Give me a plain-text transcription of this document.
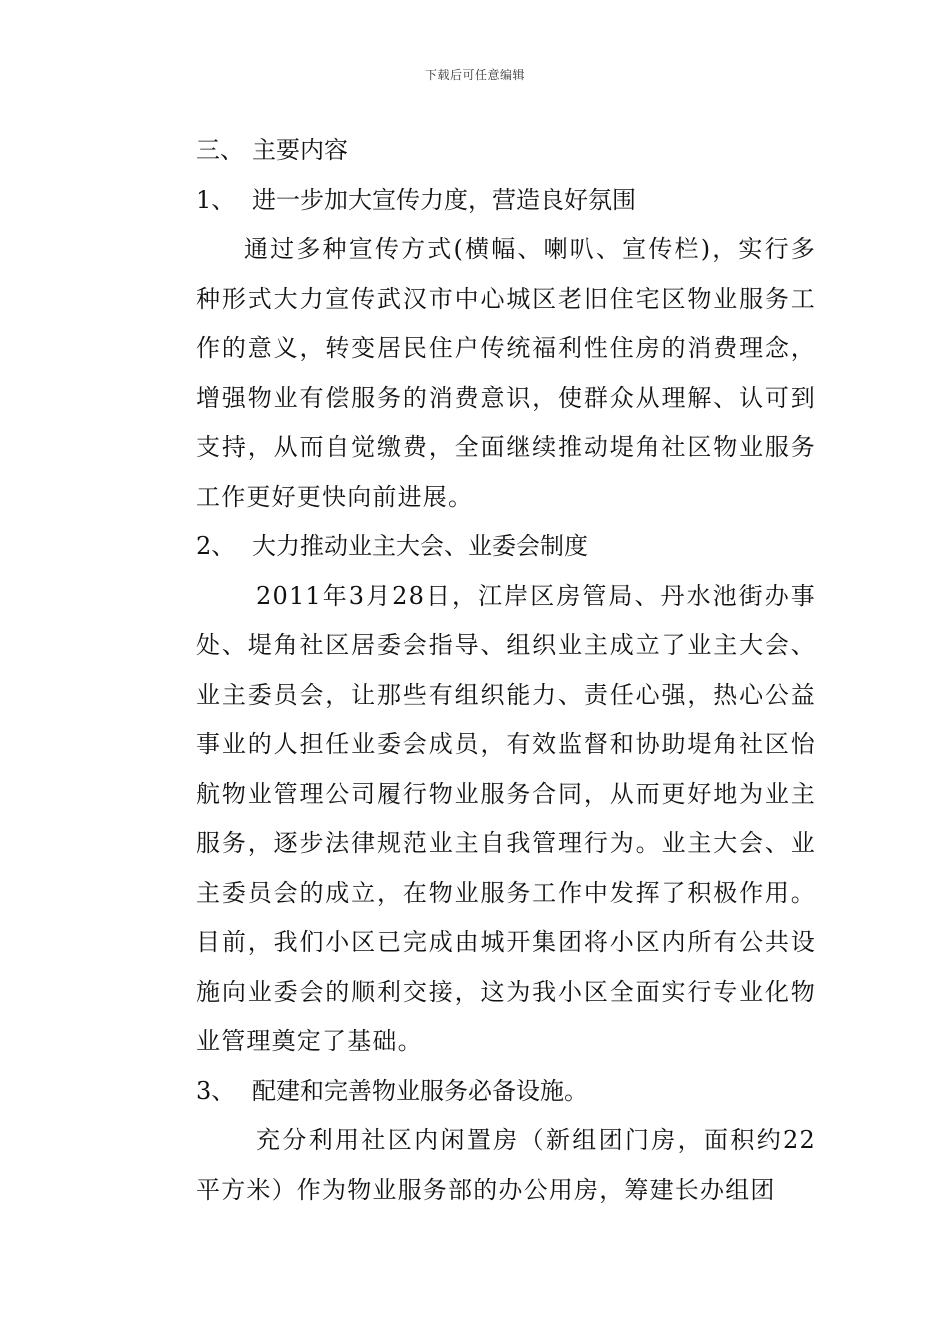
下载后可任意编辑

三、 主要内容

1、 进一步加大宣传力度，营造良好氛围

通过多种宣传方式(横幅、喇叭、宣传栏)，实行多种形式大力宣传武汉市中心城区老旧住宅区物业服务工作的意义，转变居民住户传统福利性住房的消费理念，增强物业有偿服务的消费意识，使群众从理解、认可到支持，从而自觉缴费，全面继续推动堤角社区物业服务工作更好更快向前进展。

2、 大力推动业主大会、业委会制度

2011年3月28日，江岸区房管局、丹水池街办事处、堤角社区居委会指导、组织业主成立了业主大会、业主委员会，让那些有组织能力、责任心强，热心公益事业的人担任业委会成员，有效监督和协助堤角社区怡航物业管理公司履行物业服务合同，从而更好地为业主服务，逐步法律规范业主自我管理行为。业主大会、业主委员会的成立，在物业服务工作中发挥了积极作用。目前，我们小区已完成由城开集团将小区内所有公共设施向业委会的顺利交接，这为我小区全面实行专业化物业管理奠定了基础。

3、 配建和完善物业服务必备设施。

充分利用社区内闲置房（新组团门房，面积约22平方米）作为物业服务部的办公用房，筹建长办组团
